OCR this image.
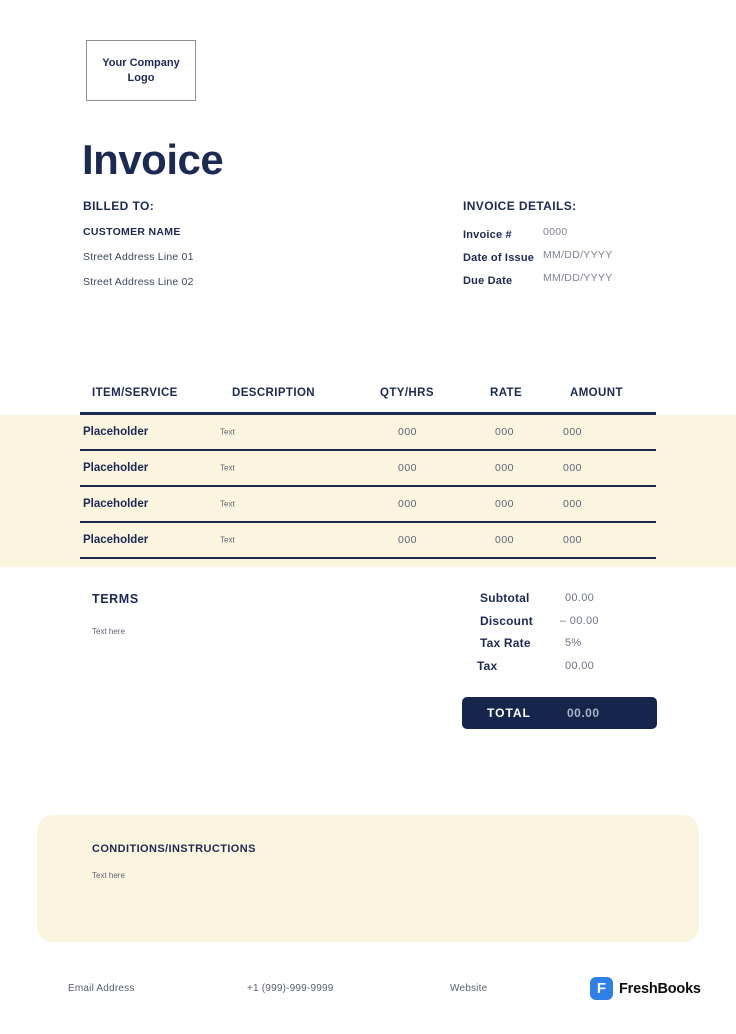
Your Company Logo
Invoice
BILLED TO:
CUSTOMER NAME
Street Address Line 01
Street Address Line 02
INVOICE DETAILS:
Invoice #	0000
Date of Issue MM/DD/YYYY
Due Date	MM/DD/YYYY
ITEM/SERVICE	DESCRIPTION	QTY/HRS	RATE	AMOUNT
Placeholder	Text	000	000	000
Placeholder	Text	000	000	000
Placeholder	Text	000	000	000
Placeholder	Text	000	000	000
TERMS
Text here
Subtotal	00.00
Discount – 00.00
Tax Rate	5%
Tax	00.00
TOTAL	00.00
CONDITIONS/INSTRUCTIONS
Text here
Email Address	+1 (999)-999-9999	Website	F FreshBooks
